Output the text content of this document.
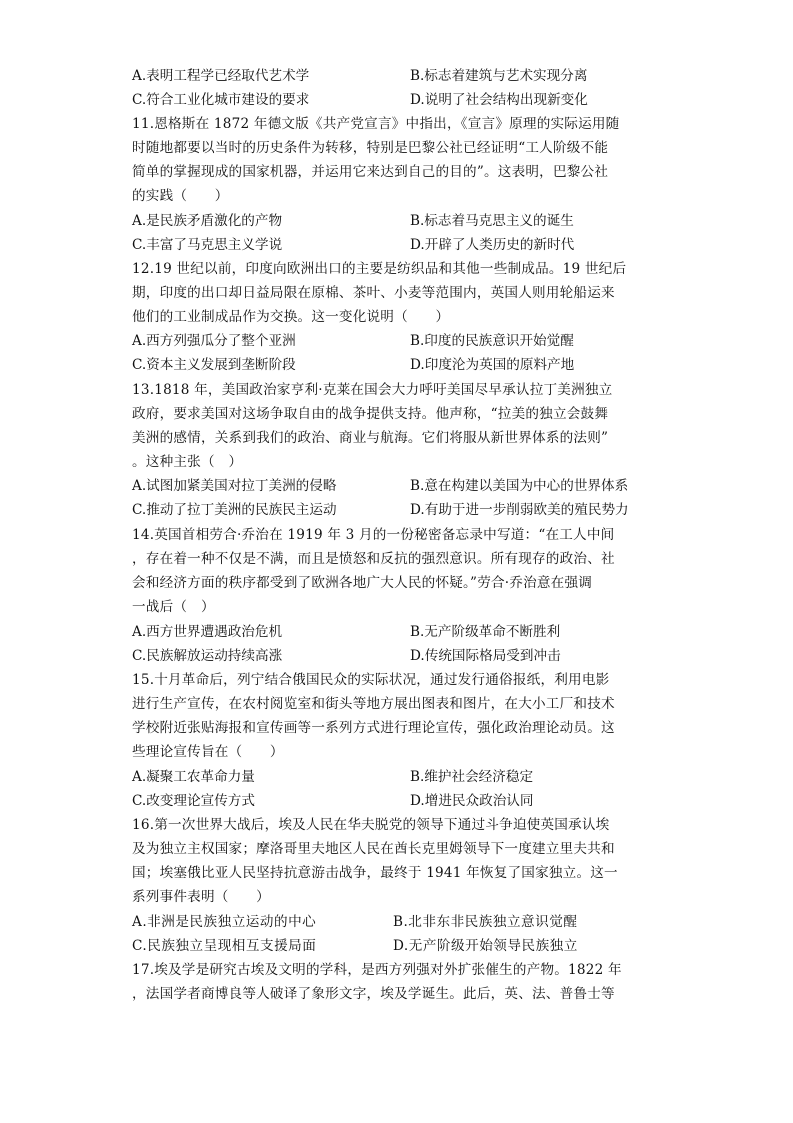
A.表明工程学已经取代艺术学	B.标志着建筑与艺术实现分离
C.符合工业化城市建设的要求	D.说明了社会结构出现新变化
11.恩格斯在 1872 年德文版《共产党宣言》中指出，《宣言》原理的实际运用随
时随地都要以当时的历史条件为转移，特别是巴黎公社已经证明“工人阶级不能
简单的掌握现成的国家机器，并运用它来达到自己的目的”。这表明，巴黎公社
的实践（　　）
A.是民族矛盾激化的产物	B.标志着马克思主义的诞生
C.丰富了马克思主义学说	D.开辟了人类历史的新时代
12.19 世纪以前，印度向欧洲出口的主要是纺织品和其他一些制成品。19 世纪后
期，印度的出口却日益局限在原棉、茶叶、小麦等范围内，英国人则用轮船运来
他们的工业制成品作为交换。这一变化说明（　　）
A.西方列强瓜分了整个亚洲	B.印度的民族意识开始觉醒
C.资本主义发展到垄断阶段	D.印度沦为英国的原料产地
13.1818 年，美国政治家亨利·克莱在国会大力呼吁美国尽早承认拉丁美洲独立
政府，要求美国对这场争取自由的战争提供支持。他声称，“拉美的独立会鼓舞
美洲的感情，关系到我们的政治、商业与航海。它们将服从新世界体系的法则”
。这种主张（　）
A.试图加紧美国对拉丁美洲的侵略	B.意在构建以美国为中心的世界体系
C.推动了拉丁美洲的民族民主运动	D.有助于进一步削弱欧美的殖民势力
14.英国首相劳合·乔治在 1919 年 3 月的一份秘密备忘录中写道：“在工人中间
，存在着一种不仅是不满，而且是愤怒和反抗的强烈意识。所有现存的政治、社
会和经济方面的秩序都受到了欧洲各地广大人民的怀疑。”劳合·乔治意在强调
一战后（　）
A.西方世界遭遇政治危机	B.无产阶级革命不断胜利
C.民族解放运动持续高涨	D.传统国际格局受到冲击
15.十月革命后，列宁结合俄国民众的实际状况，通过发行通俗报纸，利用电影
进行生产宣传，在农村阅览室和街头等地方展出图表和图片，在大小工厂和技术
学校附近张贴海报和宣传画等一系列方式进行理论宣传，强化政治理论动员。这
些理论宣传旨在（　　）
A.凝聚工农革命力量	B.维护社会经济稳定
C.改变理论宣传方式	D.增进民众政治认同
16.第一次世界大战后，埃及人民在华夫脱党的领导下通过斗争迫使英国承认埃
及为独立主权国家；摩洛哥里夫地区人民在酋长克里姆领导下一度建立里夫共和
国；埃塞俄比亚人民坚持抗意游击战争，最终于 1941 年恢复了国家独立。这一
系列事件表明（　　）
A.非洲是民族独立运动的中心	B.北非东非民族独立意识觉醒
C.民族独立呈现相互支援局面	D.无产阶级开始领导民族独立
17.埃及学是研究古埃及文明的学科，是西方列强对外扩张催生的产物。1822 年
，法国学者商博良等人破译了象形文字，埃及学诞生。此后，英、法、普鲁士等
